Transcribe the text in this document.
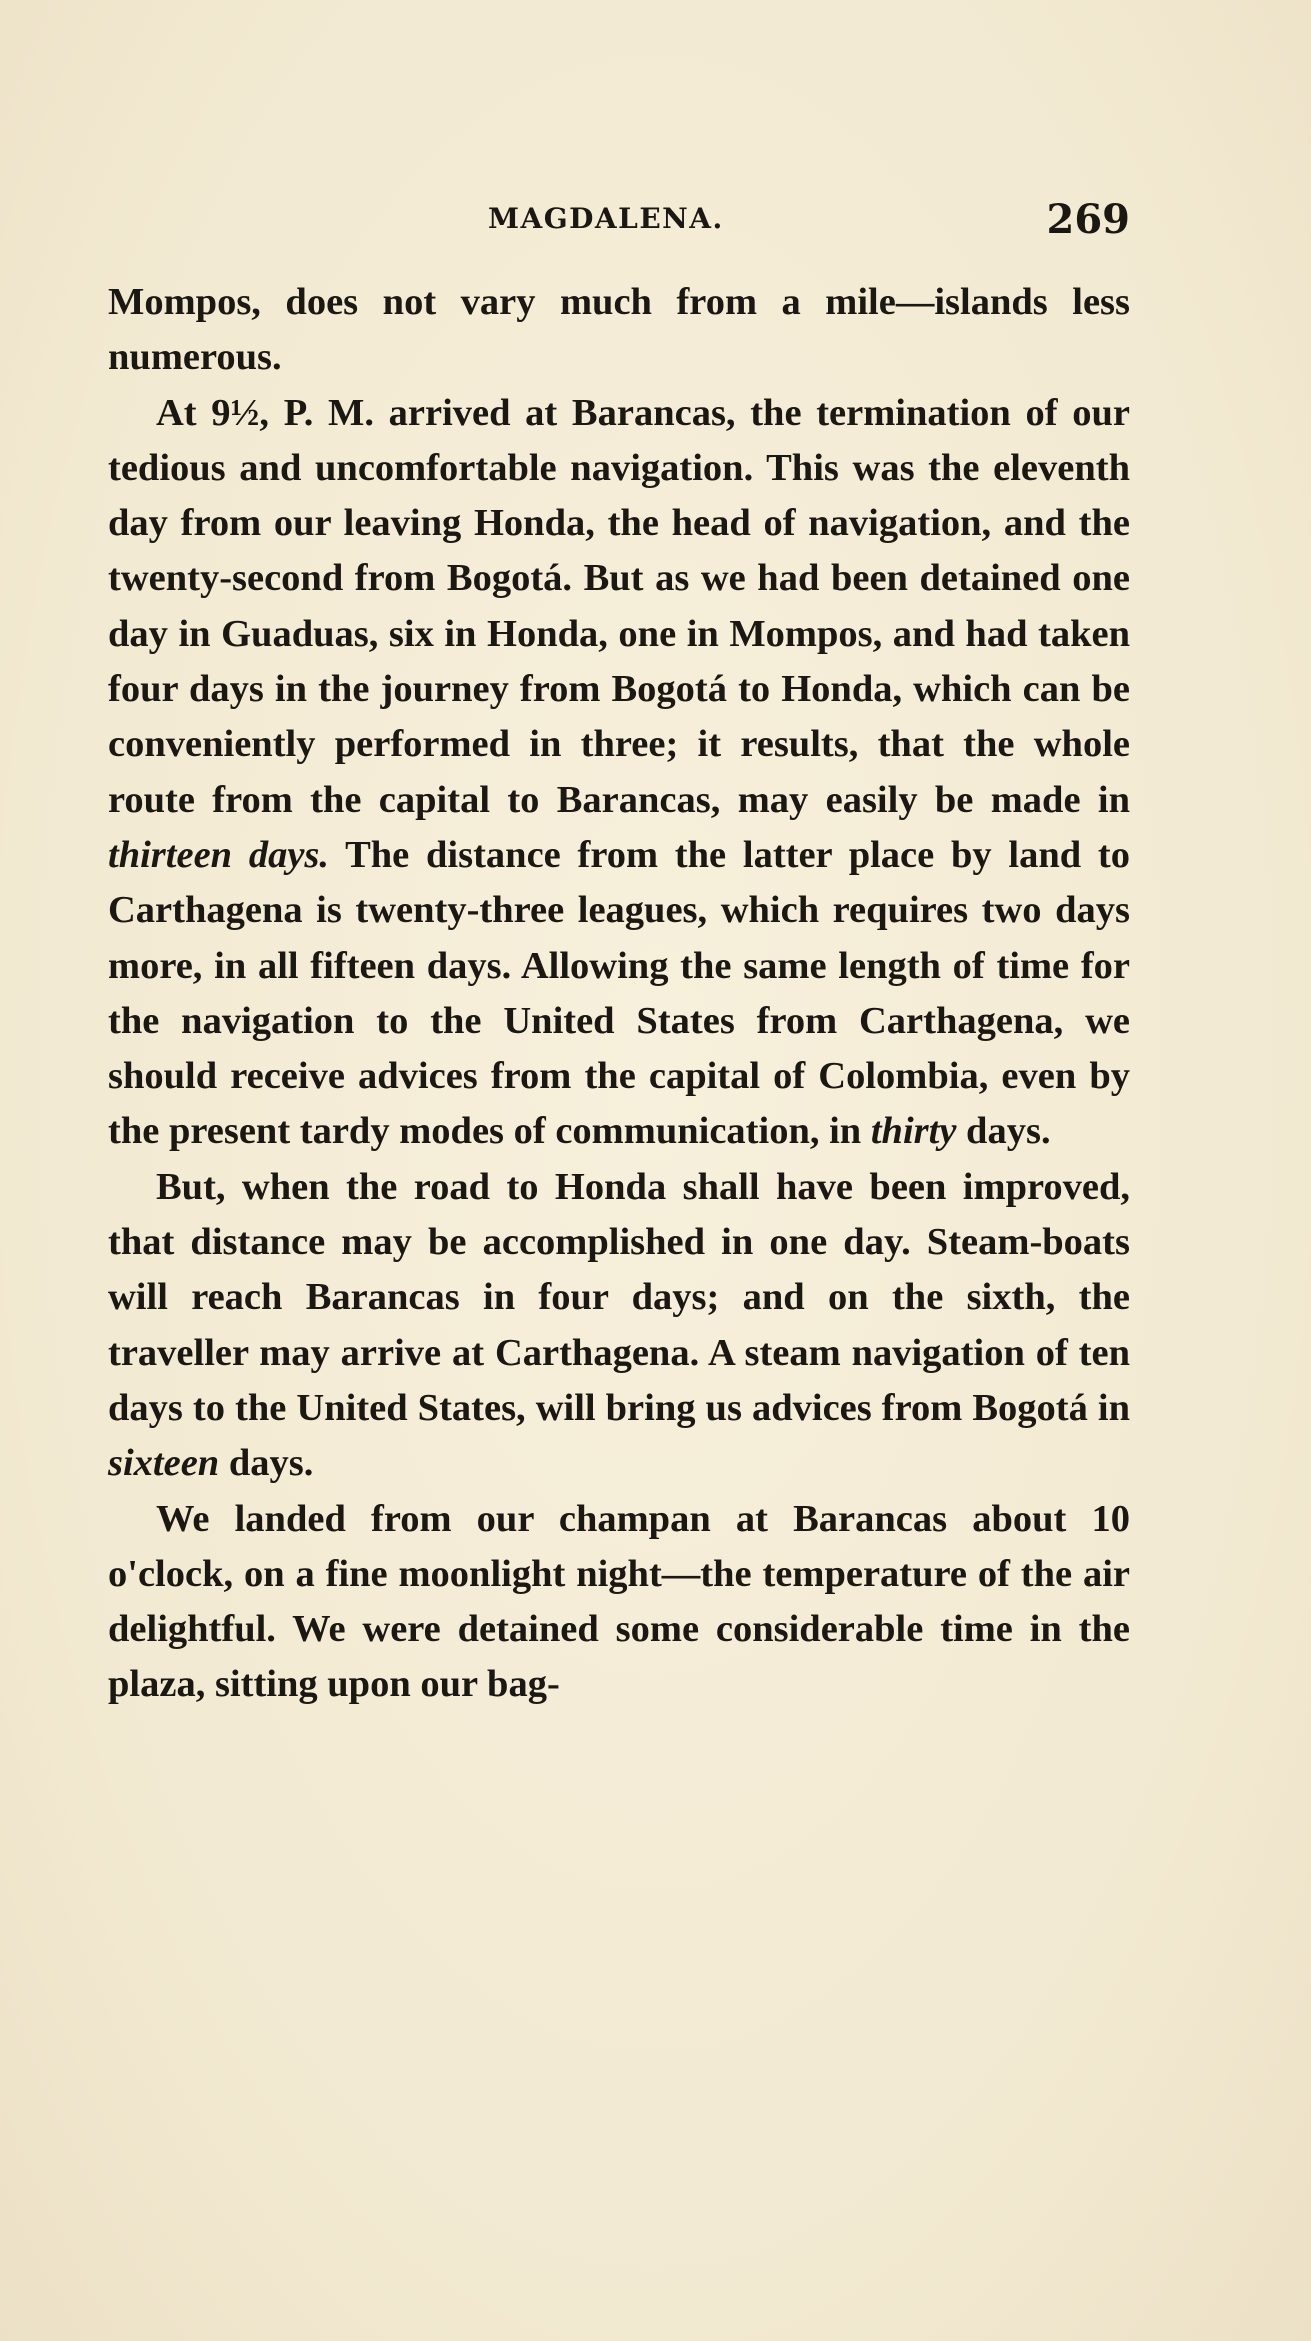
MAGDALENA.	269

Mompos, does not vary much from a mile—islands less numerous.

At 9½, P. M. arrived at Barancas, the termination of our tedious and uncomfortable navigation. This was the eleventh day from our leaving Honda, the head of navigation, and the twenty-second from Bogotá. But as we had been detained one day in Guaduas, six in Honda, one in Mompos, and had taken four days in the journey from Bogotá to Honda, which can be conveniently performed in three; it results, that the whole route from the capital to Barancas, may easily be made in thirteen days. The distance from the latter place by land to Carthagena is twenty-three leagues, which requires two days more, in all fifteen days. Allowing the same length of time for the navigation to the United States from Carthagena, we should receive advices from the capital of Colombia, even by the present tardy modes of communication, in thirty days.

But, when the road to Honda shall have been improved, that distance may be accomplished in one day. Steam-boats will reach Barancas in four days; and on the sixth, the traveller may arrive at Carthagena. A steam navigation of ten days to the United States, will bring us advices from Bogotá in sixteen days.

We landed from our champan at Barancas about 10 o'clock, on a fine moonlight night—the temperature of the air delightful. We were detained some considerable time in the plaza, sitting upon our bag-
